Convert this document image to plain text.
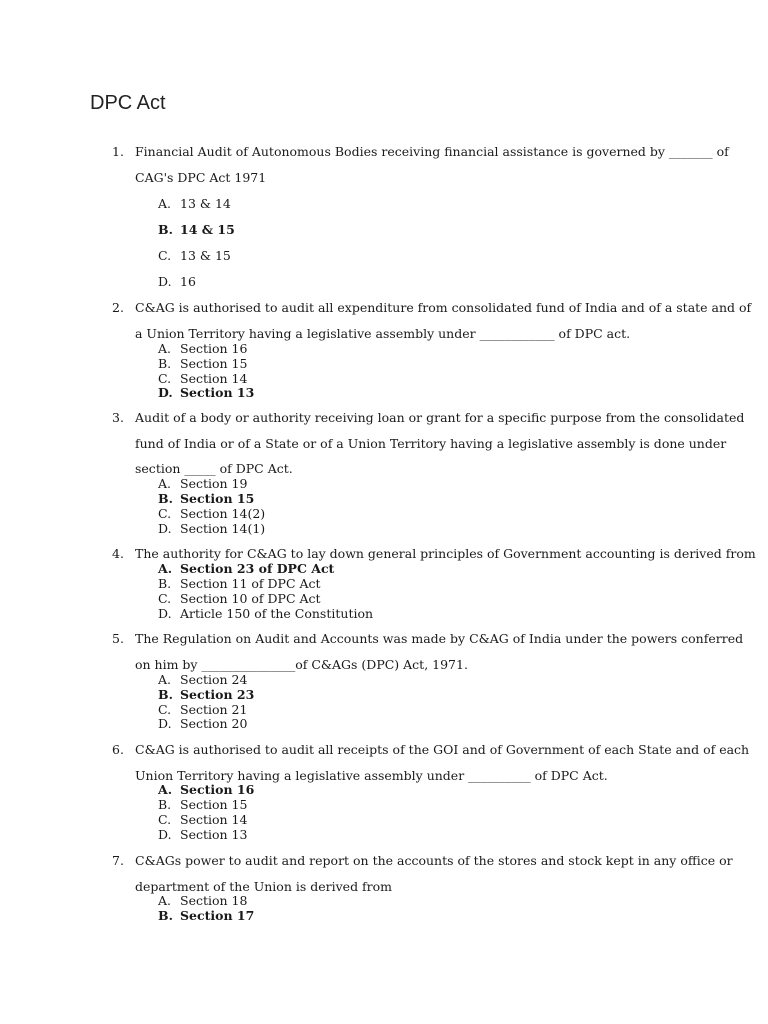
DPC Act
1. Financial Audit of Autonomous Bodies receiving financial assistance is governed by _______ of
CAG's DPC Act 1971
A. 13 & 14
B. 14 & 15
C. 13 & 15
D. 16
2. C&AG is authorised to audit all expenditure from consolidated fund of India and of a state and of
a Union Territory having a legislative assembly under ____________ of DPC act.
A. Section 16
B. Section 15
C. Section 14
D. Section 13
3. Audit of a body or authority receiving loan or grant for a specific purpose from the consolidated
fund of India or of a State or of a Union Territory having a legislative assembly is done under
section _____ of DPC Act.
A. Section 19
B. Section 15
C. Section 14(2)
D. Section 14(1)
4. The authority for C&AG to lay down general principles of Government accounting is derived from
A. Section 23 of DPC Act
B. Section 11 of DPC Act
C. Section 10 of DPC Act
D. Article 150 of the Constitution
5. The Regulation on Audit and Accounts was made by C&AG of India under the powers conferred
on him by _______________of C&AGs (DPC) Act, 1971.
A. Section 24
B. Section 23
C. Section 21
D. Section 20
6. C&AG is authorised to audit all receipts of the GOI and of Government of each State and of each
Union Territory having a legislative assembly under __________ of DPC Act.
A. Section 16
B. Section 15
C. Section 14
D. Section 13
7. C&AGs power to audit and report on the accounts of the stores and stock kept in any office or
department of the Union is derived from
A. Section 18
B. Section 17
